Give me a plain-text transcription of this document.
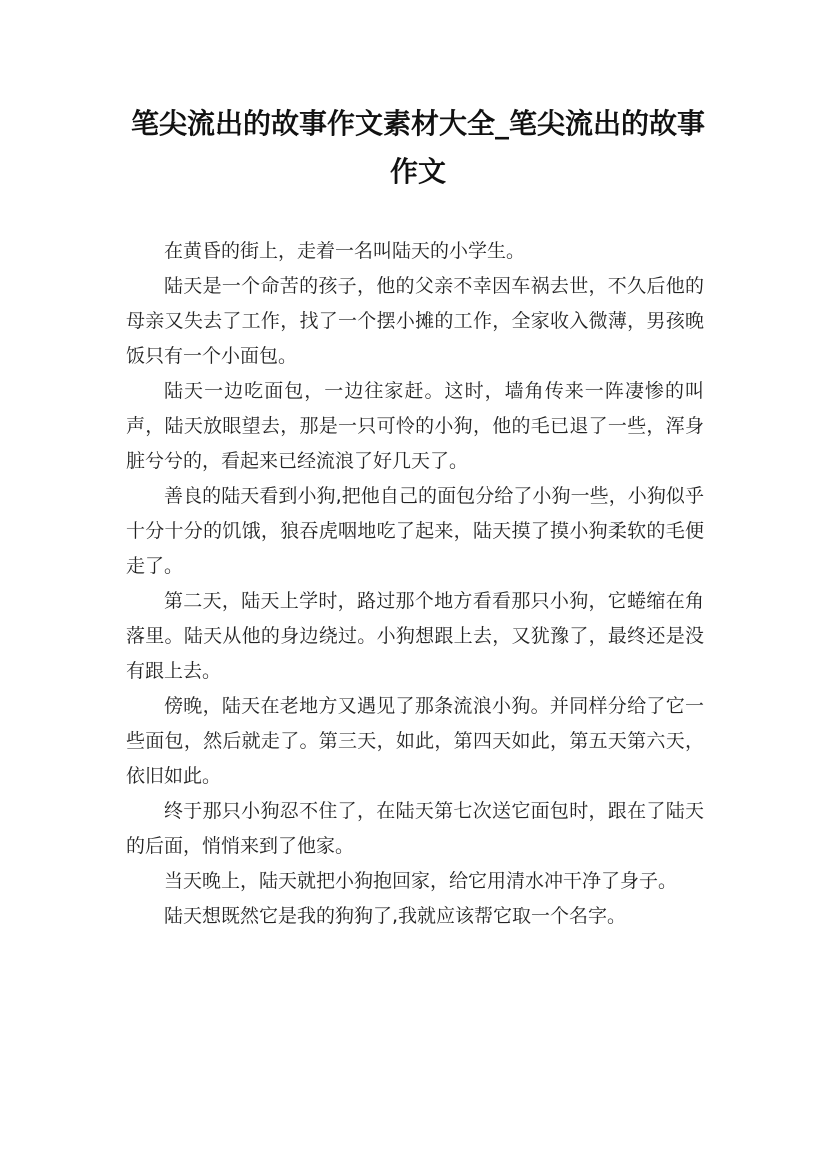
笔尖流出的故事作文素材大全_笔尖流出的故事作文

在黄昏的街上，走着一名叫陆天的小学生。

陆天是一个命苦的孩子，他的父亲不幸因车祸去世，不久后他的母亲又失去了工作，找了一个摆小摊的工作，全家收入微薄，男孩晚饭只有一个小面包。

陆天一边吃面包，一边往家赶。这时，墙角传来一阵凄惨的叫声，陆天放眼望去，那是一只可怜的小狗，他的毛已退了一些，浑身脏兮兮的，看起来已经流浪了好几天了。

善良的陆天看到小狗,把他自己的面包分给了小狗一些，小狗似乎十分十分的饥饿，狼吞虎咽地吃了起来，陆天摸了摸小狗柔软的毛便走了。

第二天，陆天上学时，路过那个地方看看那只小狗，它蜷缩在角落里。陆天从他的身边绕过。小狗想跟上去，又犹豫了，最终还是没有跟上去。

傍晚，陆天在老地方又遇见了那条流浪小狗。并同样分给了它一些面包，然后就走了。第三天，如此，第四天如此，第五天第六天，依旧如此。

终于那只小狗忍不住了，在陆天第七次送它面包时，跟在了陆天的后面，悄悄来到了他家。

当天晚上，陆天就把小狗抱回家，给它用清水冲干净了身子。

陆天想既然它是我的狗狗了,我就应该帮它取一个名字。
